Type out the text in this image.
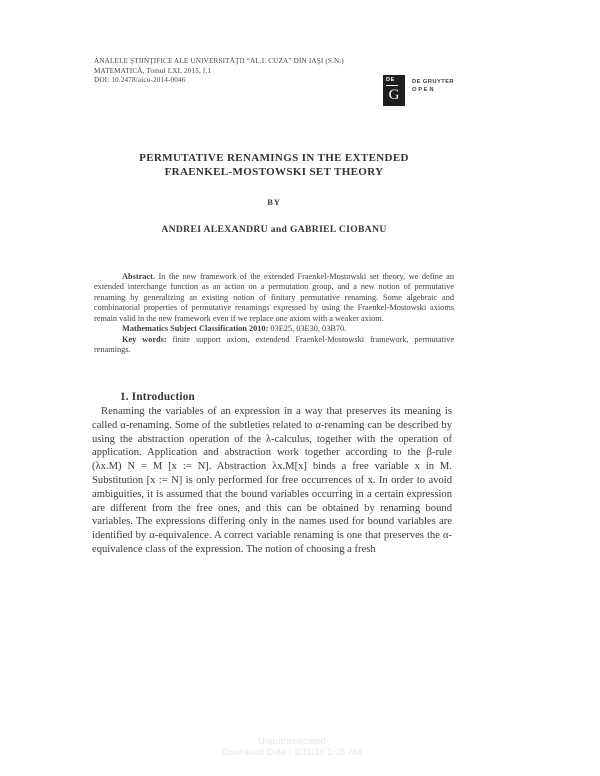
ANALELE ŞTIINŢIFICE ALE UNIVERSITĂŢII “AL.I. CUZA” DIN IAŞI (S.N.)
MATEMATICĂ, Tomul LXI, 2015, f.1
DOI: 10.2478/aicu-2014-0046	DE
G
DE GRUYTER
OPEN
PERMUTATIVE RENAMINGS IN THE EXTENDED
FRAENKEL-MOSTOWSKI SET THEORY
BY
ANDREI ALEXANDRU and GABRIEL CIOBANU

Abstract. In the new framework of the extended Fraenkel-Mostowski set theory, we define an extended interchange function as an action on a permutation group, and a new notion of permutative renaming by generalizing an existing notion of finitary permutative renaming. Some algebraic and combinatorial properties of permutative renamings expressed by using the Fraenkel-Mostowski axioms remain valid in the new framework even if we replace one axiom with a weaker axiom.

Mathematics Subject Classification 2010: 03E25, 03E30, 03B70.

Key words: finite support axiom, extendend Fraenkel-Mostowski framework, permutative renamings.

1. Introduction
Renaming the variables of an expression in a way that preserves its meaning is called α-renaming. Some of the subtleties related to α-renaming can be described by using the abstraction operation of the λ-calculus, together with the operation of application. Application and abstraction work together according to the β-rule (λx.M) N = M [x := N]. Abstraction λx.M[x] binds a free variable x in M. Substitution [x := N] is only performed for free occurrences of x. In order to avoid ambiguities, it is assumed that the bound variables occurring in a certain expression are different from the free ones, and this can be obtained by renaming bound variables. The expressions differing only in the names used for bound variables are identified by α-equivalence. A correct variable renaming is one that preserves the α-equivalence class of the expression. The notion of choosing a fresh
Unauthenticated
Download Date | 3/31/16 1:05 AM
